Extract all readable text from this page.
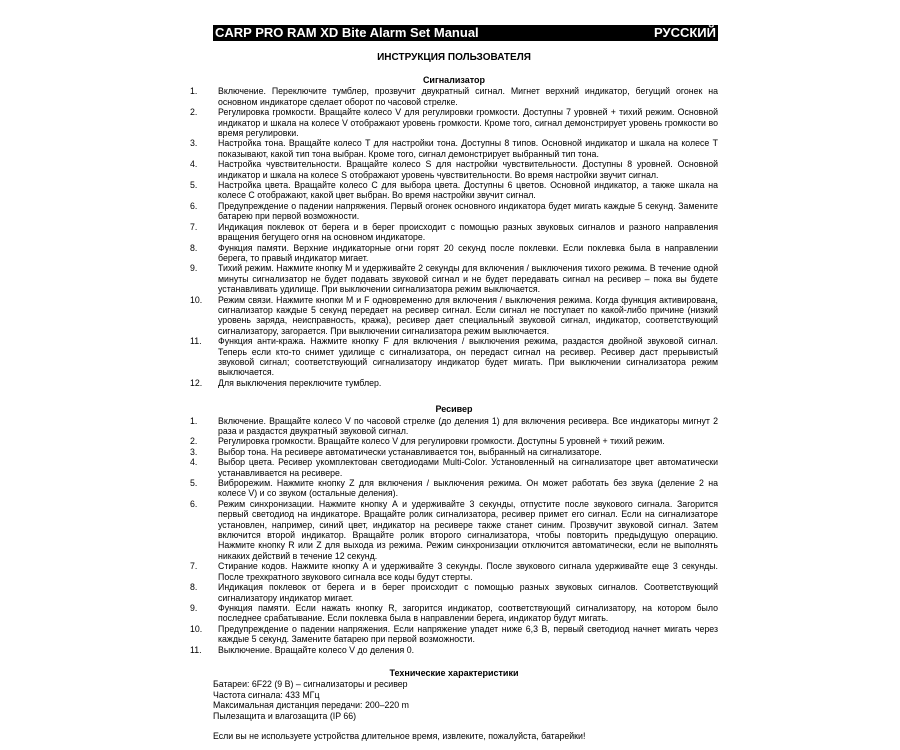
CARP PRO RAM XD Bite Alarm Set Manual	РУССКИЙ
ИНСТРУКЦИЯ ПОЛЬЗОВАТЕЛЯ
Сигнализатор
1.	Включение. Переключите тумблер, прозвучит двукратный сигнал. Мигнет верхний индикатор, бегущий огонек на основном индикаторе сделает оборот по часовой стрелке.
2.	Регулировка громкости. Вращайте колесо V для регулировки громкости. Доступны 7 уровней + тихий режим. Основной индикатор и шкала на колесе V отображают уровень громкости. Кроме того, сигнал демонстрирует уровень громкости во время регулировки.
3.	Настройка тона. Вращайте колесо T для настройки тона. Доступны 8 типов. Основной индикатор и шкала на колесе T показывают, какой тип тона выбран. Кроме того, сигнал демонстрирует выбранный тип тона.
4.	Настройка чувствительности. Вращайте колесо S для настройки чувствительности. Доступны 8 уровней. Основной индикатор и шкала на колесе S отображают уровень чувствительности. Во время настройки звучит сигнал.
5.	Настройка цвета. Вращайте колесо C для выбора цвета. Доступны 6 цветов. Основной индикатор, а также шкала на колесе C отображают, какой цвет выбран. Во время настройки звучит сигнал.
6.	Предупреждение о падении напряжения. Первый огонек основного индикатора будет мигать каждые 5 секунд. Замените батарею при первой возможности.
7.	Индикация поклевок от берега и в берег происходит с помощью разных звуковых сигналов и разного направления вращения бегущего огня на основном индикаторе.
8.	Функция памяти. Верхние индикаторные огни горят 20 секунд после поклевки. Если поклевка была в направлении берега, то правый индикатор мигает.
9.	Тихий режим. Нажмите кнопку M и удерживайте 2 секунды для включения / выключения тихого режима. В течение одной минуты сигнализатор не будет подавать звуковой сигнал и не будет передавать сигнал на ресивер – пока вы будете устанавливать удилище. При выключении сигнализатора режим выключается.
10.	Режим связи. Нажмите кнопки M и F одновременно для включения / выключения режима. Когда функция активирована, сигнализатор каждые 5 секунд передает на ресивер сигнал. Если сигнал не поступает по какой-либо причине (низкий уровень заряда, неисправность, кража), ресивер дает специальный звуковой сигнал, индикатор, соответствующий сигнализатору, загорается. При выключении сигнализатора режим выключается.
11.	Функция анти-кража. Нажмите кнопку F для включения / выключения режима, раздастся двойной звуковой сигнал. Теперь если кто-то снимет удилище с сигнализатора, он передаст сигнал на ресивер. Ресивер даст прерывистый звуковой сигнал; соответствующий сигнализатору индикатор будет мигать. При выключении сигнализатора режим выключается.
12.	Для выключения переключите тумблер.
Ресивер
1.	Включение. Вращайте колесо V по часовой стрелке (до деления 1) для включения ресивера. Все индикаторы мигнут 2 раза и раздастся двукратный звуковой сигнал.
2.	Регулировка громкости. Вращайте колесо V для регулировки громкости. Доступны 5 уровней + тихий режим.
3.	Выбор тона. На ресивере автоматически устанавливается тон, выбранный на сигнализаторе.
4.	Выбор цвета. Ресивер укомплектован светодиодами Multi-Color. Установленный на сигнализаторе цвет автоматически устанавливается на ресивере.
5.	Виброрежим. Нажмите кнопку Z для включения / выключения режима. Он может работать без звука (деление 2 на колесе V) и со звуком (остальные деления).
6.	Режим синхронизации. Нажмите кнопку A и удерживайте 3 секунды, отпустите после звукового сигнала. Загорится первый светодиод на индикаторе. Вращайте ролик сигнализатора, ресивер примет его сигнал. Если на сигнализаторе установлен, например, синий цвет, индикатор на ресивере также станет синим. Прозвучит звуковой сигнал. Затем включится второй индикатор. Вращайте ролик второго сигнализатора, чтобы повторить предыдущую операцию. Нажмите кнопку R или Z для выхода из режима. Режим синхронизации отключится автоматически, если не выполнять никаких действий в течение 12 секунд.
7.	Стирание кодов. Нажмите кнопку A и удерживайте 3 секунды. После звукового сигнала удерживайте еще 3 секунды. После трехкратного звукового сигнала все коды будут стерты.
8.	Индикация поклевок от берега и в берег происходит с помощью разных звуковых сигналов. Соответствующий сигнализатору индикатор мигает.
9.	Функция памяти. Если нажать кнопку R, загорится индикатор, соответствующий сигнализатору, на котором было последнее срабатывание. Если поклевка была в направлении берега, индикатор будут мигать.
10.	Предупреждение о падении напряжения. Если напряжение упадет ниже 6,3 В, первый светодиод начнет мигать через каждые 5 секунд. Замените батарею при первой возможности.
11.	Выключение. Вращайте колесо V до деления 0.
Технические характеристики
Батареи: 6F22 (9 В) – сигнализаторы и ресивер
Частота сигнала: 433 МГц
Максимальная дистанция передачи: 200–220 m
Пылезащита и влагозащита (IP 66)
Если вы не используете устройства длительное время, извлеките, пожалуйста, батарейки!
